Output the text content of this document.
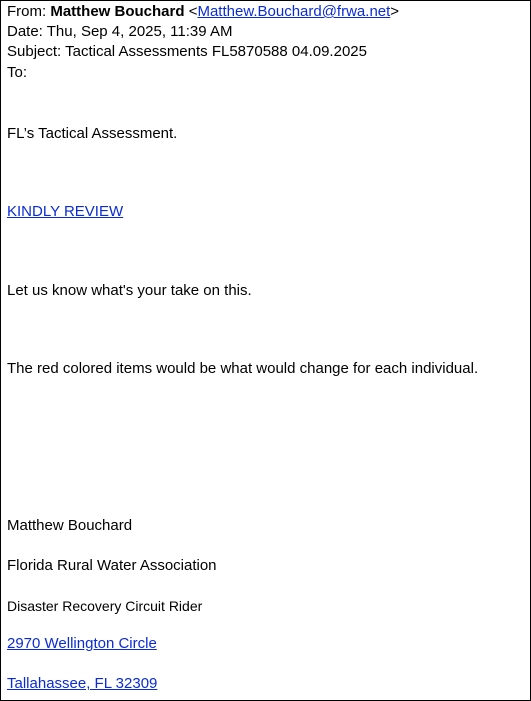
From: Matthew Bouchard <Matthew.Bouchard@frwa.net>
Date: Thu, Sep 4, 2025, 11:39 AM
Subject: Tactical Assessments FL5870588 04.09.2025
To:
FL’s Tactical Assessment.
KINDLY REVIEW
Let us know what's your take on this.
The red colored items would be what would change for each individual.
Matthew Bouchard
Florida Rural Water Association
Disaster Recovery Circuit Rider
2970 Wellington Circle
Tallahassee, FL 32309
